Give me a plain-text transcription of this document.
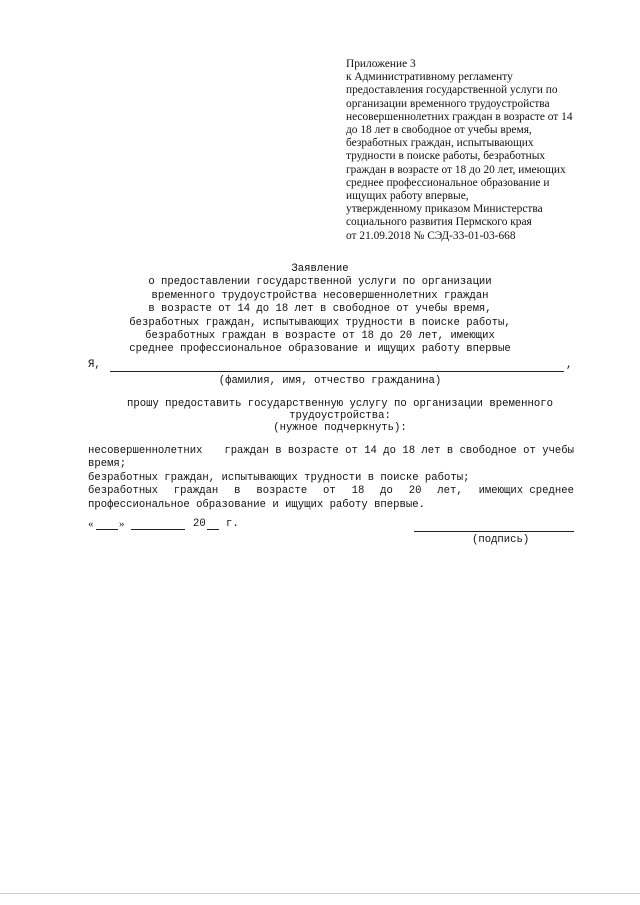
Приложение 3
к Административному регламенту
предоставления государственной услуги по
организации временного трудоустройства
несовершеннолетних граждан в возрасте от 14
до 18 лет в свободное от учебы время,
безработных граждан, испытывающих
трудности в поиске работы, безработных
граждан в возрасте от 18 до 20 лет, имеющих
среднее профессиональное образование и
ищущих работу впервые,
утвержденному приказом Министерства
социального развития Пермского края
от 21.09.2018 № СЭД-33-01-03-668
Заявление
о предоставлении государственной услуги по организации
временного трудоустройства несовершеннолетних граждан
в возрасте от 14 до 18 лет в свободное от учебы время,
безработных граждан, испытывающих трудности в поиске работы,
безработных граждан в возрасте от 18 до 20 лет, имеющих
среднее профессиональное образование и ищущих работу впервые
Я,	,
(фамилия, имя, отчество гражданина)
прошу предоставить государственную услугу по организации временного
трудоустройства:
(нужное подчеркнуть):
несовершеннолетних граждан в возрасте от 14 до 18 лет в свободное от учебы
время;
безработных граждан, испытывающих трудности в поиске работы;
безработных граждан в возрасте от 18 до 20 лет, имеющих среднее
профессиональное образование и ищущих работу впервые.
« »	20 г.
(подпись)
